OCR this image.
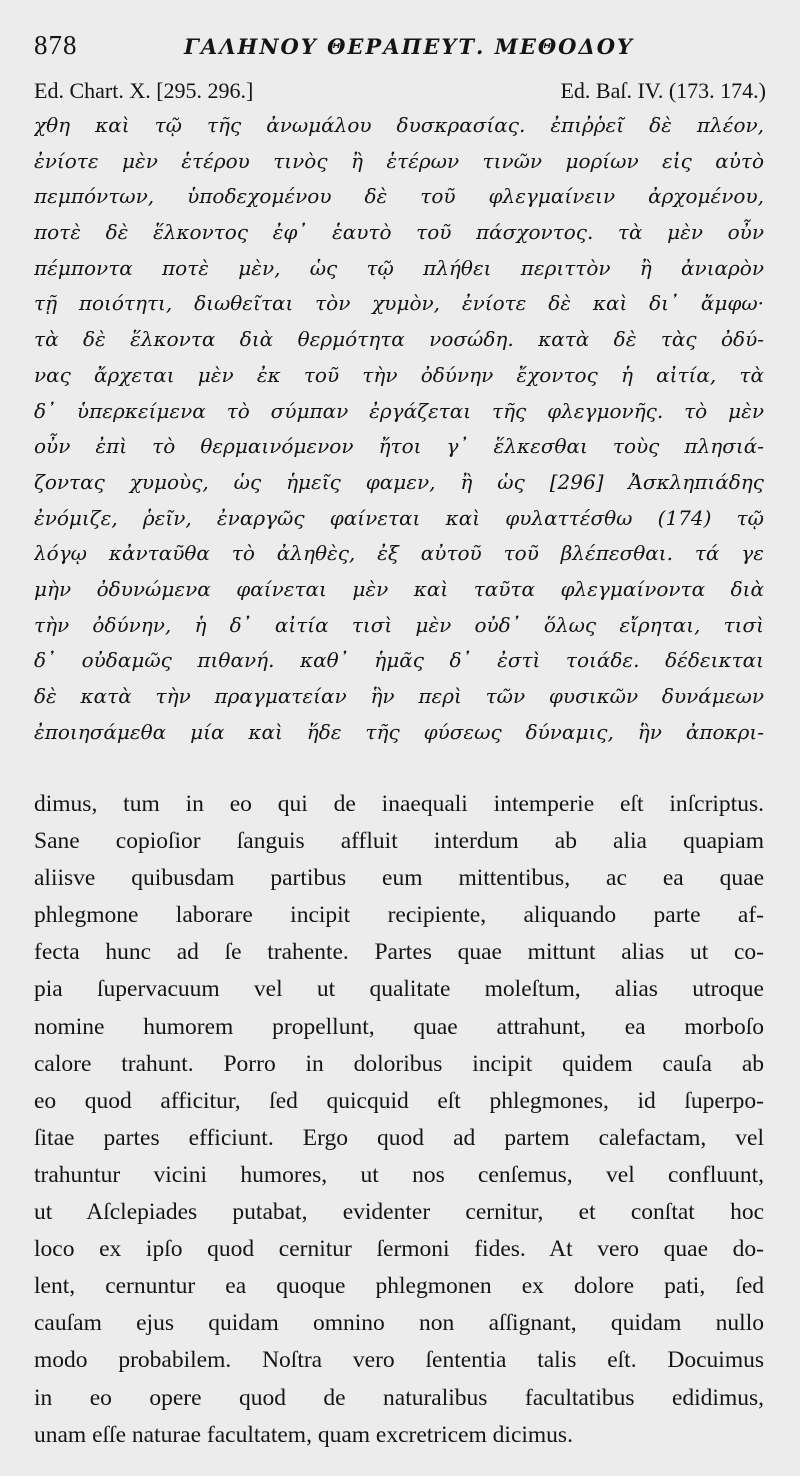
878	ΓΑΛΗΝΟΥ ΘΕΡΑΠΕΥΤ. ΜΕΘΟΔΟΥ
Ed. Chart. X. [295. 296.]	Ed. Baſ. IV. (173. 174.)
χθη καὶ τῷ τῆς ἀνωμάλου δυσκρασίας. ἐπιῤῥεῖ δὲ πλέον,
ἐνίοτε μὲν ἑτέρου τινὸς ἢ ἑτέρων τινῶν μορίων εἰς αὐτὸ
πεμπόντων, ὑποδεχομένου δὲ τοῦ φλεγμαίνειν ἀρχομένου,
ποτὲ δὲ ἕλκοντος ἐφ᾽ ἑαυτὸ τοῦ πάσχοντος. τὰ μὲν οὖν
πέμποντα ποτὲ μὲν, ὡς τῷ πλήθει περιττὸν ἢ ἀνιαρὸν
τῇ ποιότητι, διωθεῖται τὸν χυμὸν, ἐνίοτε δὲ καὶ δι᾽ ἄμφω·
τὰ δὲ ἕλκοντα διὰ θερμότητα νοσώδη. κατὰ δὲ τὰς ὀδύ-
νας ἄρχεται μὲν ἐκ τοῦ τὴν ὀδύνην ἔχοντος ἡ αἰτία, τὰ
δ᾽ ὑπερκείμενα τὸ σύμπαν ἐργάζεται τῆς φλεγμονῆς. τὸ μὲν
οὖν ἐπὶ τὸ θερμαινόμενον ἤτοι γ᾽ ἕλκεσθαι τοὺς πλησιά-
ζοντας χυμοὺς, ὡς ἡμεῖς φαμεν, ἢ ὡς [296] Ἀσκληπιάδης
ἐνόμιζε, ῥεῖν, ἐναργῶς φαίνεται καὶ φυλαττέσθω (174) τῷ
λόγῳ κἀνταῦθα τὸ ἀληθὲς, ἐξ αὐτοῦ τοῦ βλέπεσθαι. τά γε
μὴν ὀδυνώμενα φαίνεται μὲν καὶ ταῦτα φλεγμαίνοντα διὰ
τὴν ὀδύνην, ἡ δ᾽ αἰτία τισὶ μὲν οὐδ᾽ ὅλως εἴρηται, τισὶ
δ᾽ οὐδαμῶς πιθανή. καθ᾽ ἡμᾶς δ᾽ ἐστὶ τοιάδε. δέδεικται
δὲ κατὰ τὴν πραγματείαν ἣν περὶ τῶν φυσικῶν δυνάμεων
ἐποιησάμεθα μία καὶ ἥδε τῆς φύσεως δύναμις, ἣν ἀποκρι-
dimus, tum in eo qui de inaequali intemperie eſt inſcriptus.
Sane copioſior ſanguis affluit interdum ab alia quapiam
aliisve quibusdam partibus eum mittentibus, ac ea quae
phlegmone laborare incipit recipiente, aliquando parte af-
fecta hunc ad ſe trahente. Partes quae mittunt alias ut co-
pia ſupervacuum vel ut qualitate moleſtum, alias utroque
nomine humorem propellunt, quae attrahunt, ea morboſo
calore trahunt. Porro in doloribus incipit quidem cauſa ab
eo quod afficitur, ſed quicquid eſt phlegmones, id ſuperpo-
ſitae partes efficiunt. Ergo quod ad partem calefactam, vel
trahuntur vicini humores, ut nos cenſemus, vel confluunt,
ut Aſclepiades putabat, evidenter cernitur, et conſtat hoc
loco ex ipſo quod cernitur ſermoni fides. At vero quae do-
lent, cernuntur ea quoque phlegmonen ex dolore pati, ſed
cauſam ejus quidam omnino non aſſignant, quidam nullo
modo probabilem. Noſtra vero ſententia talis eſt. Docuimus
in eo opere quod de naturalibus facultatibus edidimus,
unam eſſe naturae facultatem, quam excretricem dicimus.
